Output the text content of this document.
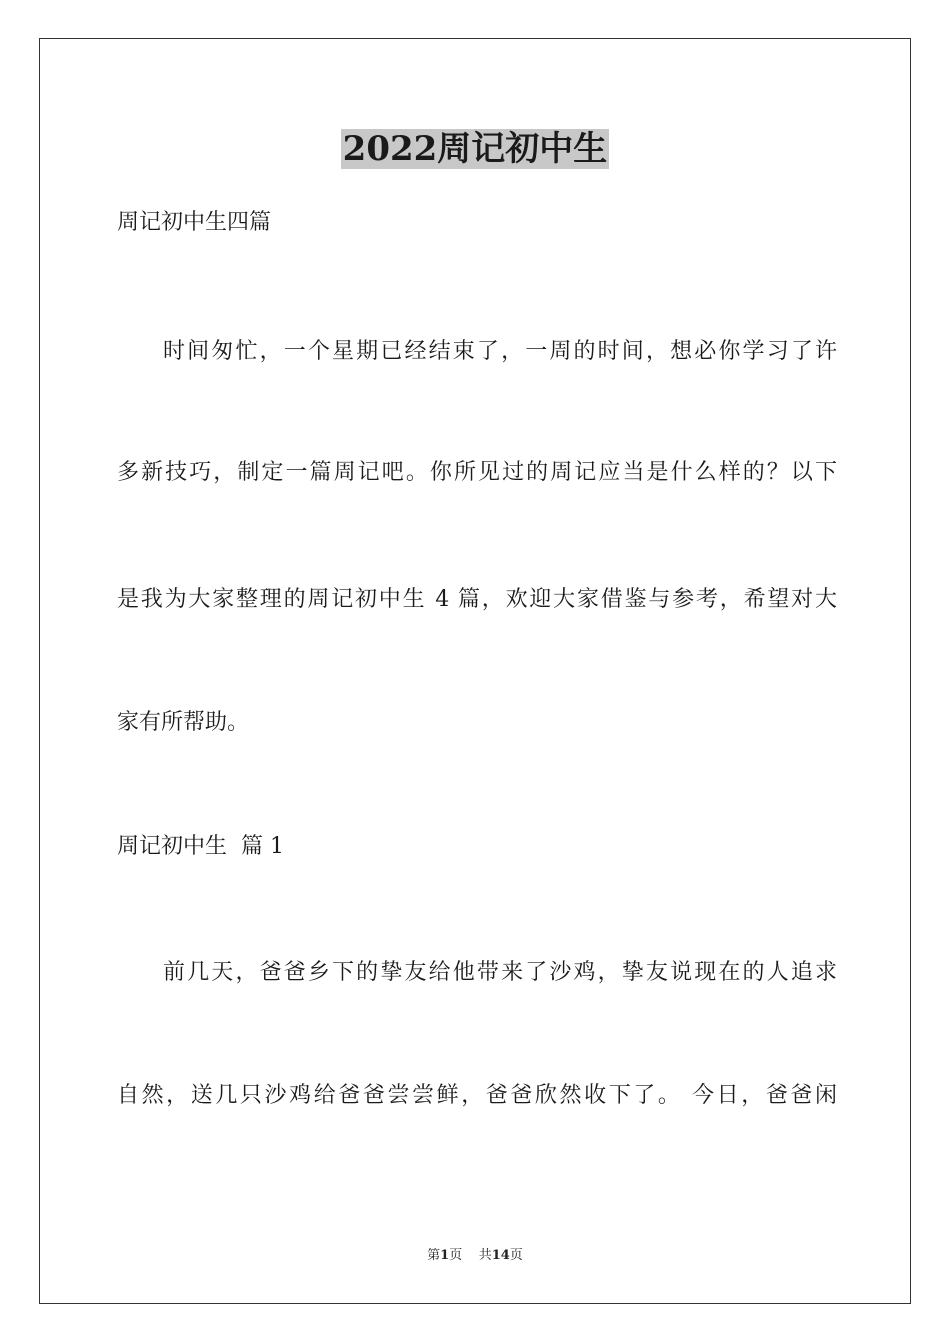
2022周记初中生

周记初中生四篇

时间匆忙，一个星期已经结束了，一周的时间，想必你学习了许

多新技巧，制定一篇周记吧。你所见过的周记应当是什么样的？以下

是我为大家整理的周记初中生 4 篇，欢迎大家借鉴与参考，希望对大

家有所帮助。

周记初中生  篇 1

前几天，爸爸乡下的挚友给他带来了沙鸡，挚友说现在的人追求

自然，送几只沙鸡给爸爸尝尝鲜，爸爸欣然收下了。 今日，爸爸闲

第1页 共14页
